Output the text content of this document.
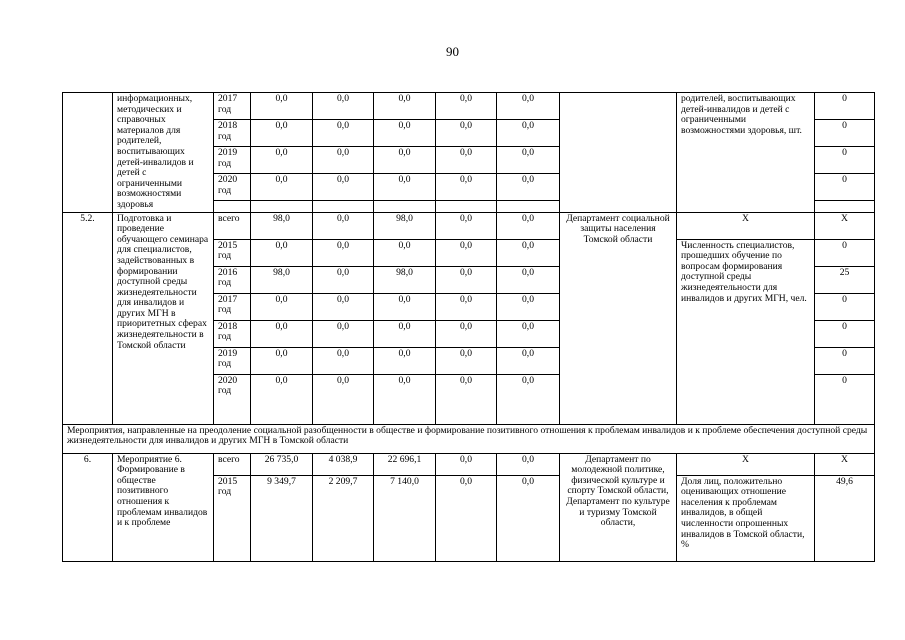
90
	информационных, методических и справочных материалов для родителей, воспитывающих детей-инвалидов и детей с ограниченными возможностями здоровья	2017 год	0,0	0,0	0,0	0,0	0,0		родителей, воспитывающих детей-инвалидов и детей с ограниченными возможностями здоровья, шт.	0
		2018 год	0,0	0,0	0,0	0,0	0,0			0
		2019 год	0,0	0,0	0,0	0,0	0,0			0
		2020 год	0,0	0,0	0,0	0,0	0,0			0

5.2.	Подготовка и проведение обучающего семинара для специалистов, задействованных в формировании доступной среды жизнедеятельности для инвалидов и других МГН в приоритетных сферах жизнедеятельности в Томской области	всего	98,0	0,0	98,0	0,0	0,0	Департамент социальной защиты населения Томской области	Х	Х
		2015 год	0,0	0,0	0,0	0,0	0,0		Численность специалистов, прошедших обучение по вопросам формирования доступной среды жизнедеятельности для инвалидов и других МГН, чел.	0
		2016 год	98,0	0,0	98,0	0,0	0,0			25
		2017 год	0,0	0,0	0,0	0,0	0,0			0
		2018 год	0,0	0,0	0,0	0,0	0,0			0
		2019 год	0,0	0,0	0,0	0,0	0,0			0
		2020 год	0,0	0,0	0,0	0,0	0,0			0
Мероприятия, направленные на преодоление социальной разобщенности в обществе и формирование позитивного отношения к проблемам инвалидов и к проблеме обеспечения доступной среды жизнедеятельности для инвалидов и других МГН в Томской области										
6.	Мероприятие 6. Формирование в обществе позитивного отношения к проблемам инвалидов и к проблеме	всего	26 735,0	4 038,9	22 696,1	0,0	0,0	Департамент по молодежной политике, физической культуре и спорту Томской области, Департамент по культуре и туризму Томской области,	Х	Х
		2015 год	9 349,7	2 209,7	7 140,0	0,0	0,0		Доля лиц, положительно оценивающих отношение населения к проблемам инвалидов, в общей численности опрошенных инвалидов в Томской области, %	49,6
